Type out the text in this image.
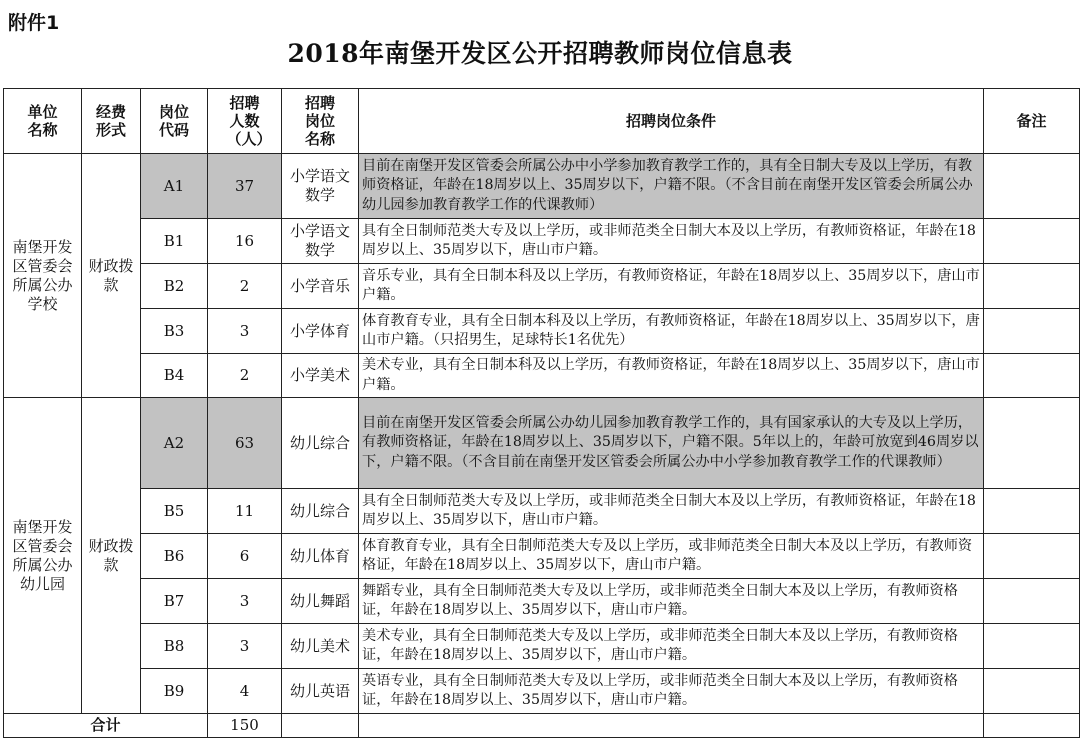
附件1
2018年南堡开发区公开招聘教师岗位信息表
单位名称	经费形式	岗位代码	招聘人数（人）	招聘岗位名称	招聘岗位条件	备注

南堡开发区管委会所属公办学校	财政拨款	A1	37	小学语文数学	目前在南堡开发区管委会所属公办中小学参加教育教学工作的，具有全日制大专及以上学历，有教师资格证，年龄在18周岁以上、35周岁以下，户籍不限。（不含目前在南堡开发区管委会所属公办幼儿园参加教育教学工作的代课教师）	
		B1	16	小学语文数学	具有全日制师范类大专及以上学历，或非师范类全日制大本及以上学历，有教师资格证，年龄在18周岁以上、35周岁以下，唐山市户籍。	
		B2	2	小学音乐	音乐专业，具有全日制本科及以上学历，有教师资格证，年龄在18周岁以上、35周岁以下，唐山市户籍。	
		B3	3	小学体育	体育教育专业，具有全日制本科及以上学历，有教师资格证，年龄在18周岁以上、35周岁以下，唐山市户籍。（只招男生，足球特长1名优先）	
		B4	2	小学美术	美术专业，具有全日制本科及以上学历，有教师资格证，年龄在18周岁以上、35周岁以下，唐山市户籍。	

南堡开发区管委会所属公办幼儿园	财政拨款	A2	63	幼儿综合	目前在南堡开发区管委会所属公办幼儿园参加教育教学工作的，具有国家承认的大专及以上学历，有教师资格证，年龄在18周岁以上、35周岁以下，户籍不限。5年以上的，年龄可放宽到46周岁以下，户籍不限。（不含目前在南堡开发区管委会所属公办中小学参加教育教学工作的代课教师）	
		B5	11	幼儿综合	具有全日制师范类大专及以上学历，或非师范类全日制大本及以上学历，有教师资格证，年龄在18周岁以上、35周岁以下，唐山市户籍。	
		B6	6	幼儿体育	体育教育专业，具有全日制师范类大专及以上学历，或非师范类全日制大本及以上学历，有教师资格证，年龄在18周岁以上、35周岁以下，唐山市户籍。	
		B7	3	幼儿舞蹈	舞蹈专业，具有全日制师范类大专及以上学历，或非师范类全日制大本及以上学历，有教师资格证，年龄在18周岁以上、35周岁以下，唐山市户籍。	
		B8	3	幼儿美术	美术专业，具有全日制师范类大专及以上学历，或非师范类全日制大本及以上学历，有教师资格证，年龄在18周岁以上、35周岁以下，唐山市户籍。	
		B9	4	幼儿英语	英语专业，具有全日制师范类大专及以上学历，或非师范类全日制大本及以上学历，有教师资格证，年龄在18周岁以上、35周岁以下，唐山市户籍。	
合计			150			
